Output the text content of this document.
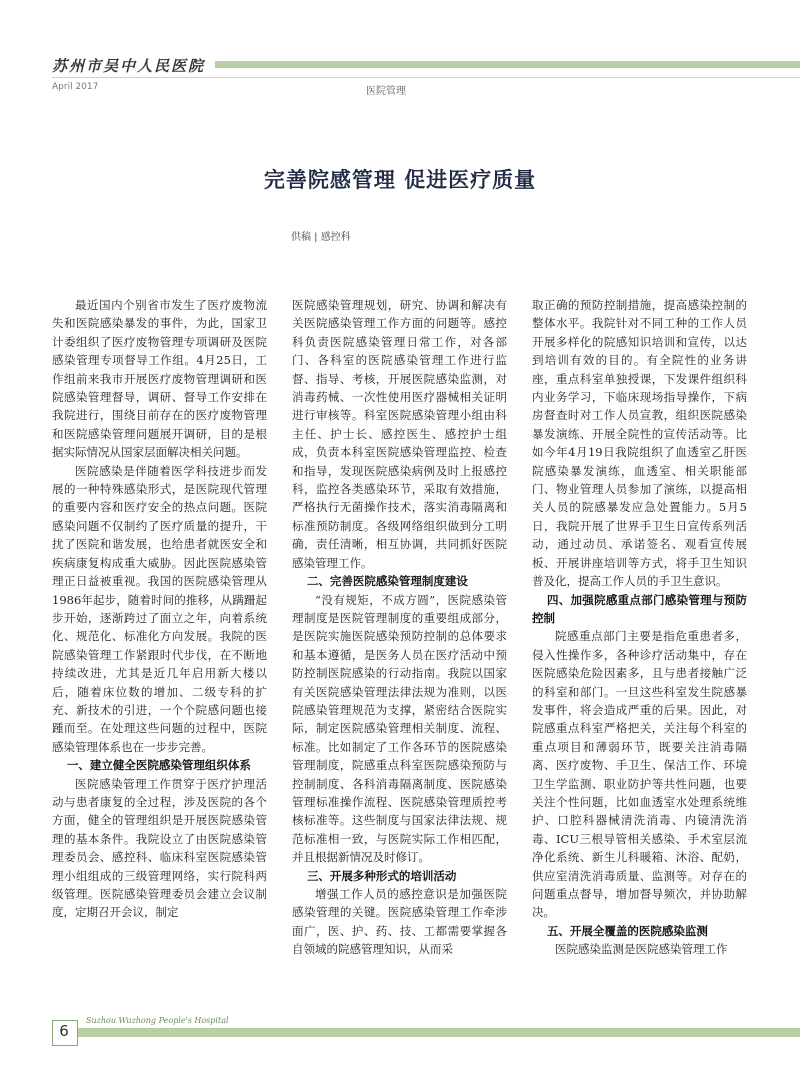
苏州市吴中人民医院
April 2017	医院管理
完善院感管理 促进医疗质量
供稿 | 感控科

最近国内个别省市发生了医疗废物流失和医院感染暴发的事件，为此，国家卫计委组织了医疗废物管理专项调研及医院感染管理专项督导工作组。4月25日，工作组前来我市开展医疗废物管理调研和医院感染管理督导，调研、督导工作安排在我院进行，围绕目前存在的医疗废物管理和医院感染管理问题展开调研，目的是根据实际情况从国家层面解决相关问题。

医院感染是伴随着医学科技进步而发展的一种特殊感染形式，是医院现代管理的重要内容和医疗安全的热点问题。医院感染问题不仅制约了医疗质量的提升，干扰了医院和谐发展，也给患者就医安全和疾病康复构成重大威胁。因此医院感染管理正日益被重视。我国的医院感染管理从1986年起步，随着时间的推移，从蹒跚起步开始，逐渐跨过了面立之年，向着系统化、规范化、标准化方向发展。我院的医院感染管理工作紧跟时代步伐，在不断地持续改进，尤其是近几年启用新大楼以后，随着床位数的增加、二级专科的扩充、新技术的引进，一个个院感问题也接踵而至。在处理这些问题的过程中，医院感染管理体系也在一步步完善。

一、建立健全医院感染管理组织体系

医院感染管理工作贯穿于医疗护理活动与患者康复的全过程，涉及医院的各个方面，健全的管理组织是开展医院感染管理的基本条件。我院设立了由医院感染管理委员会、感控科、临床科室医院感染管理小组组成的三级管理网络，实行院科两级管理。医院感染管理委员会建立会议制度，定期召开会议，制定

医院感染管理规划，研究、协调和解决有关医院感染管理工作方面的问题等。感控科负责医院感染管理日常工作，对各部门、各科室的医院感染管理工作进行监督、指导、考核，开展医院感染监测，对消毒药械、一次性使用医疗器械相关证明进行审核等。科室医院感染管理小组由科主任、护士长、感控医生、感控护士组成，负责本科室医院感染管理监控、检查和指导，发现医院感染病例及时上报感控科，监控各类感染环节，采取有效措施，严格执行无菌操作技术，落实消毒隔离和标准预防制度。各级网络组织做到分工明确，责任清晰，相互协调，共同抓好医院感染管理工作。

二、完善医院感染管理制度建设

“没有规矩，不成方圆”，医院感染管理制度是医院管理制度的重要组成部分，是医院实施医院感染预防控制的总体要求和基本遵循，是医务人员在医疗活动中预防控制医院感染的行动指南。我院以国家有关医院感染管理法律法规为准则，以医院感染管理规范为支撑，紧密结合医院实际，制定医院感染管理相关制度、流程、标准。比如制定了工作各环节的医院感染管理制度，院感重点科室医院感染预防与控制制度、各科消毒隔离制度、医院感染管理标准操作流程、医院感染管理质控考核标准等。这些制度与国家法律法规、规范标准相一致，与医院实际工作相匹配，并且根据新情况及时修订。

三、开展多种形式的培训活动

增强工作人员的感控意识是加强医院感染管理的关键。医院感染管理工作牵涉面广，医、护、药、技、工都需要掌握各自领域的院感管理知识，从而采

取正确的预防控制措施，提高感染控制的整体水平。我院针对不同工种的工作人员开展多样化的院感知识培训和宣传，以达到培训有效的目的。有全院性的业务讲座，重点科室单独授课，下发课件组织科内业务学习，下临床现场指导操作，下病房督查时对工作人员宣教，组织医院感染暴发演练、开展全院性的宣传活动等。比如今年4月19日我院组织了血透室乙肝医院感染暴发演练，血透室、相关职能部门、物业管理人员参加了演练，以提高相关人员的院感暴发应急处置能力。5月5日，我院开展了世界手卫生日宣传系列活动，通过动员、承诺签名、观看宣传展板、开展讲座培训等方式，将手卫生知识普及化，提高工作人员的手卫生意识。

四、加强院感重点部门感染管理与预防控制

院感重点部门主要是指危重患者多，侵入性操作多，各种诊疗活动集中，存在医院感染危险因素多，且与患者接触广泛的科室和部门。一旦这些科室发生院感暴发事件，将会造成严重的后果。因此，对院感重点科室严格把关，关注每个科室的重点项目和薄弱环节，既要关注消毒隔离、医疗废物、手卫生、保洁工作、环境卫生学监测、职业防护等共性问题，也要关注个性问题，比如血透室水处理系统维护、口腔科器械清洗消毒、内镜清洗消毒、ICU三根导管相关感染、手术室层流净化系统、新生儿科暖箱、沐浴、配奶，供应室清洗消毒质量、监测等。对存在的问题重点督导，增加督导频次，并协助解决。

五、开展全覆盖的医院感染监测

医院感染监测是医院感染管理工作

6
Suzhou Wuzhong People's Hospital
